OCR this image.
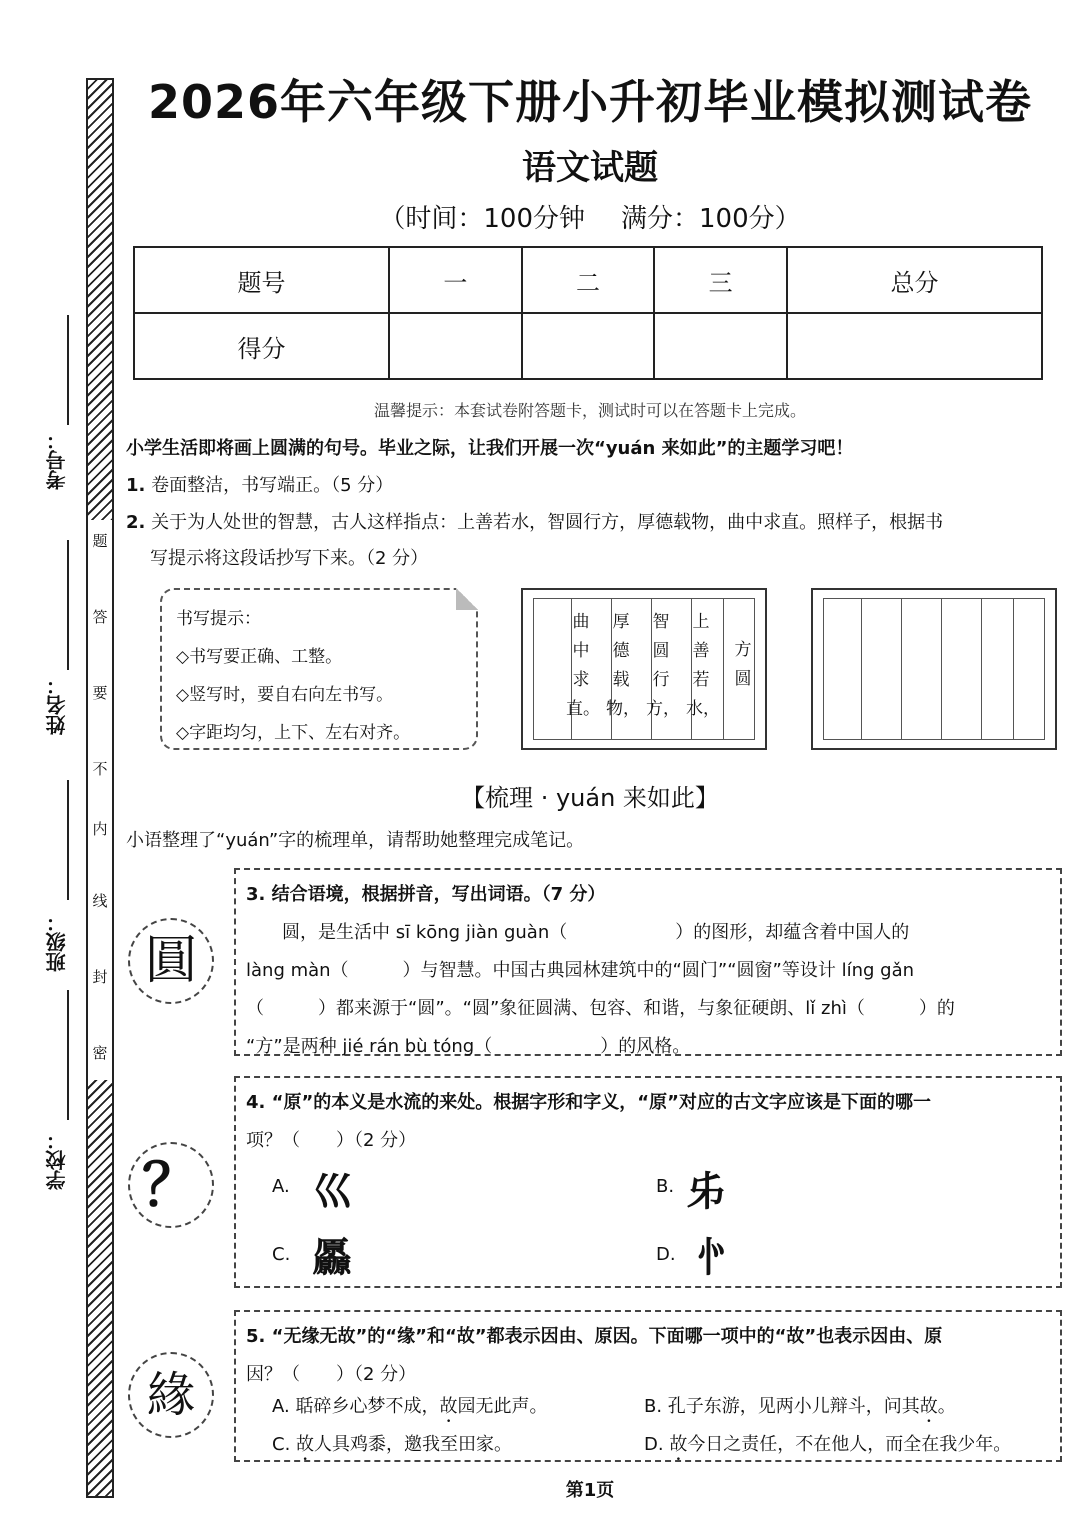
题
答
要
不
内
线
封
密
考号：
姓名：
班级：
学校：
2026年六年级下册小升初毕业模拟测试卷
语文试题
（时间：100分钟 满分：100分）
题号	一	二	三	总分
得分				
温馨提示：本套试卷附答题卡，测试时可以在答题卡上完成。
小学生活即将画上圆满的句号。毕业之际，让我们开展一次“yuán 来如此”的主题学习吧！
1. 卷面整洁，书写端正。（5 分）
2. 关于为人处世的智慧，古人这样指点：上善若水，智圆行方，厚德载物，曲中求直。照样子，根据书
写提示将这段话抄写下来。（2 分）
书写提示：
◇书写要正确、工整。
◇竖写时，要自右向左书写。
◇字距均匀，上下、左右对齐。
方圆
上善若水，
智圆行方，
厚德载物，
曲中求直。
【梳理 · yuán 来如此】
小语整理了“yuán”字的梳理单，请帮助她整理完成笔记。
圓
3. 结合语境，根据拼音，写出词语。（7 分）
圆，是生活中 sī kōng jiàn guàn（　　　　　　）的图形，却蕴含着中国人的
làng màn（　　　）与智慧。中国古典园林建筑中的“圆门”“圆窗”等设计 líng gǎn
（　　　）都来源于“圆”。“圆”象征圆满、包容、和谐，与象征硬朗、lǐ zhì（　　　）的
“方”是两种 jié rán bù tóng（　　　　　　）的风格。
？
4. “原”的本义是水流的来处。根据字形和字义，“原”对应的古文字应该是下面的哪一
项？（　　）（2 分）
A. 巛	B. 𠂔
C. 厵	D. 㣺
緣
5. “无缘无故”的“缘”和“故”都表示因由、原因。下面哪一项中的“故”也表示因由、原
因？（　　）（2 分）
A. 聒碎乡心梦不成，故园无此声。	B. 孔子东游，见两小儿辩斗，问其故。
C. 故人具鸡黍，邀我至田家。	D. 故今日之责任，不在他人，而全在我少年。
第1页
